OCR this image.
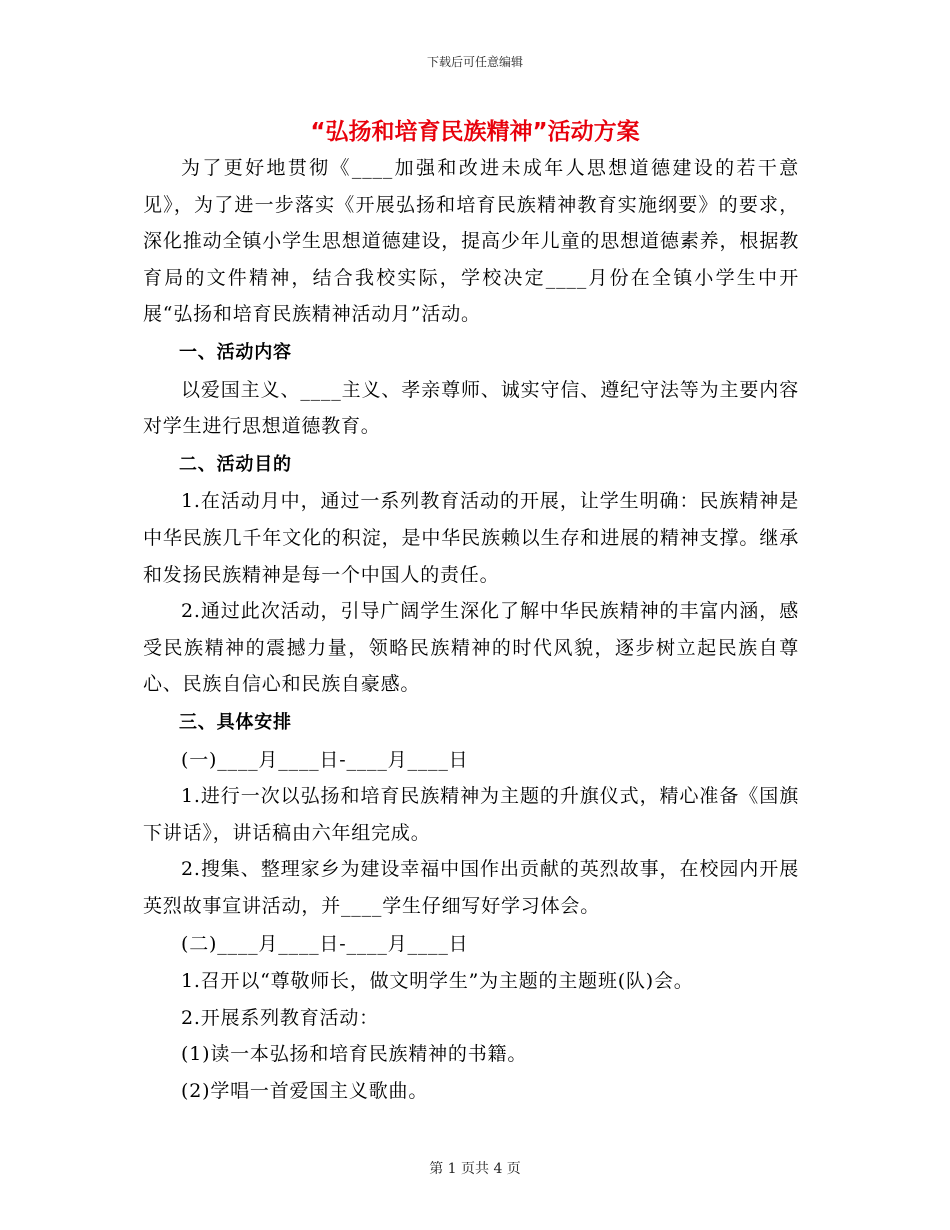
下载后可任意编辑
“弘扬和培育民族精神”活动方案

为了更好地贯彻《____加强和改进未成年人思想道德建设的若干意见》，为了进一步落实《开展弘扬和培育民族精神教育实施纲要》的要求，深化推动全镇小学生思想道德建设，提高少年儿童的思想道德素养，根据教育局的文件精神，结合我校实际，学校决定____月份在全镇小学生中开展“弘扬和培育民族精神活动月”活动。

一、活动内容

以爱国主义、____主义、孝亲尊师、诚实守信、遵纪守法等为主要内容对学生进行思想道德教育。

二、活动目的

1.在活动月中，通过一系列教育活动的开展，让学生明确：民族精神是中华民族几千年文化的积淀，是中华民族赖以生存和进展的精神支撑。继承和发扬民族精神是每一个中国人的责任。

2.通过此次活动，引导广阔学生深化了解中华民族精神的丰富内涵，感受民族精神的震撼力量，领略民族精神的时代风貌，逐步树立起民族自尊心、民族自信心和民族自豪感。

三、具体安排

(一)____月____日-____月____日

1.进行一次以弘扬和培育民族精神为主题的升旗仪式，精心准备《国旗下讲话》，讲话稿由六年组完成。

2.搜集、整理家乡为建设幸福中国作出贡献的英烈故事，在校园内开展英烈故事宣讲活动，并____学生仔细写好学习体会。

(二)____月____日-____月____日

1.召开以“尊敬师长，做文明学生”为主题的主题班(队)会。

2.开展系列教育活动：

(1)读一本弘扬和培育民族精神的书籍。

(2)学唱一首爱国主义歌曲。

第 1 页共 4 页
